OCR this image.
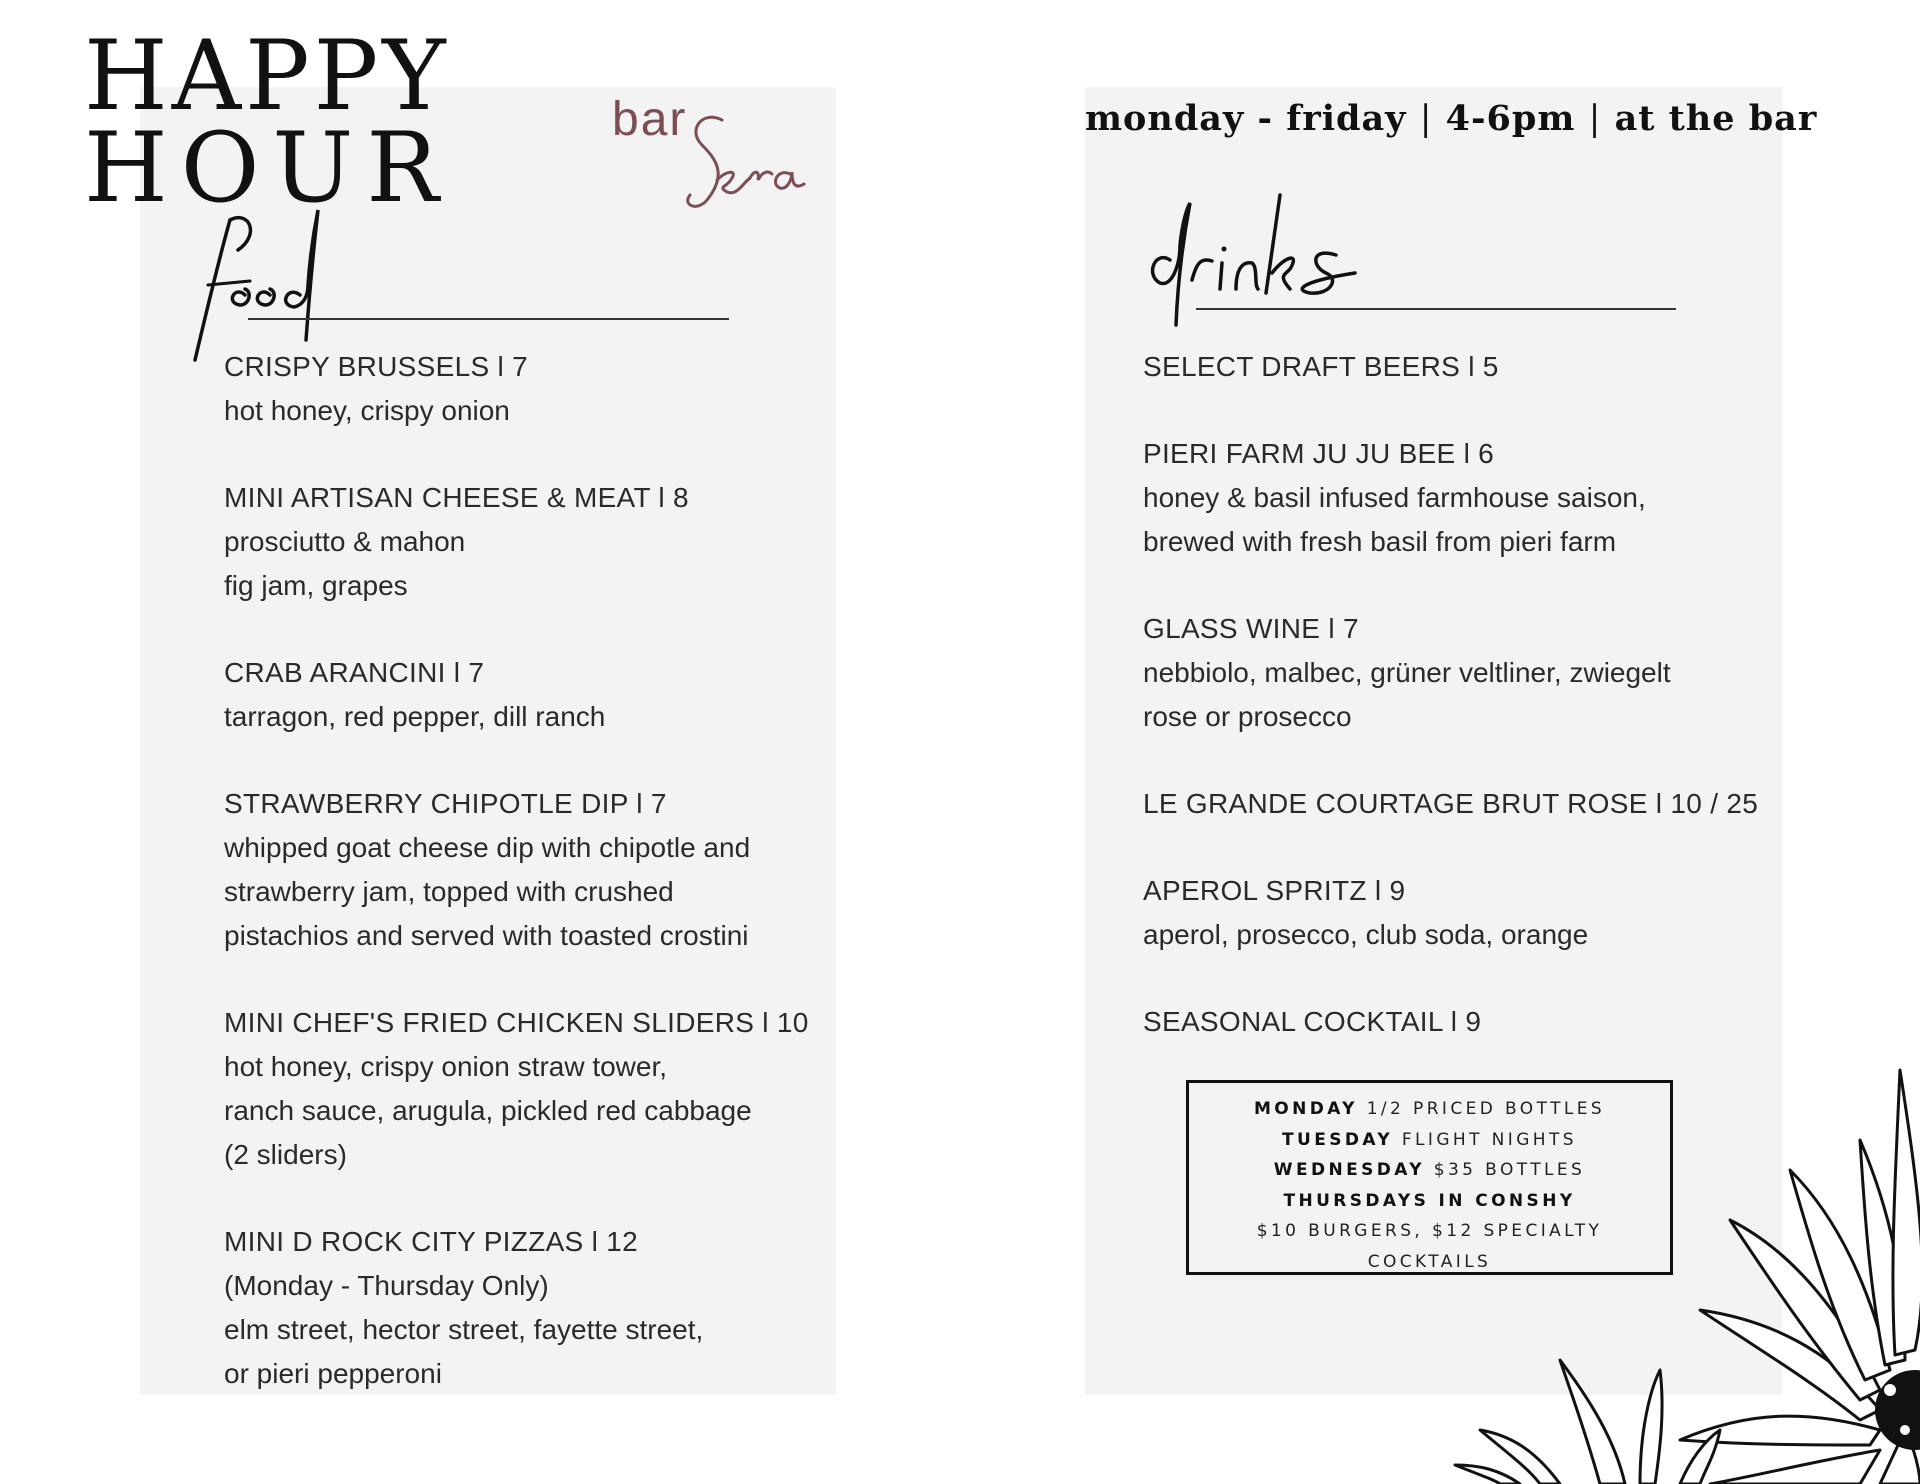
HAPPY
HOUR	bar	monday - friday | 4-6pm | at the bar
CRISPY BRUSSELS l 7
hot honey, crispy onion
MINI ARTISAN CHEESE & MEAT l 8
prosciutto & mahon
fig jam, grapes
CRAB ARANCINI l 7
tarragon, red pepper, dill ranch
STRAWBERRY CHIPOTLE DIP l 7
whipped goat cheese dip with chipotle and
strawberry jam, topped with crushed
pistachios and served with toasted crostini
MINI CHEF'S FRIED CHICKEN SLIDERS l 10
hot honey, crispy onion straw tower,
ranch sauce, arugula, pickled red cabbage
(2 sliders)
MINI D ROCK CITY PIZZAS l 12
(Monday - Thursday Only)
elm street, hector street, fayette street,
or pieri pepperoni
SELECT DRAFT BEERS l 5
PIERI FARM JU JU BEE l 6
honey & basil infused farmhouse saison,
brewed with fresh basil from pieri farm
GLASS WINE l 7
nebbiolo, malbec, grüner veltliner, zwiegelt
rose or prosecco
LE GRANDE COURTAGE BRUT ROSE l 10 / 25
APEROL SPRITZ l 9
aperol, prosecco, club soda, orange
SEASONAL COCKTAIL l 9
MONDAY 1/2 PRICED BOTTLES
TUESDAY FLIGHT NIGHTS
WEDNESDAY $35 BOTTLES
THURSDAYS IN CONSHY
$10 BURGERS, $12 SPECIALTY
COCKTAILS
